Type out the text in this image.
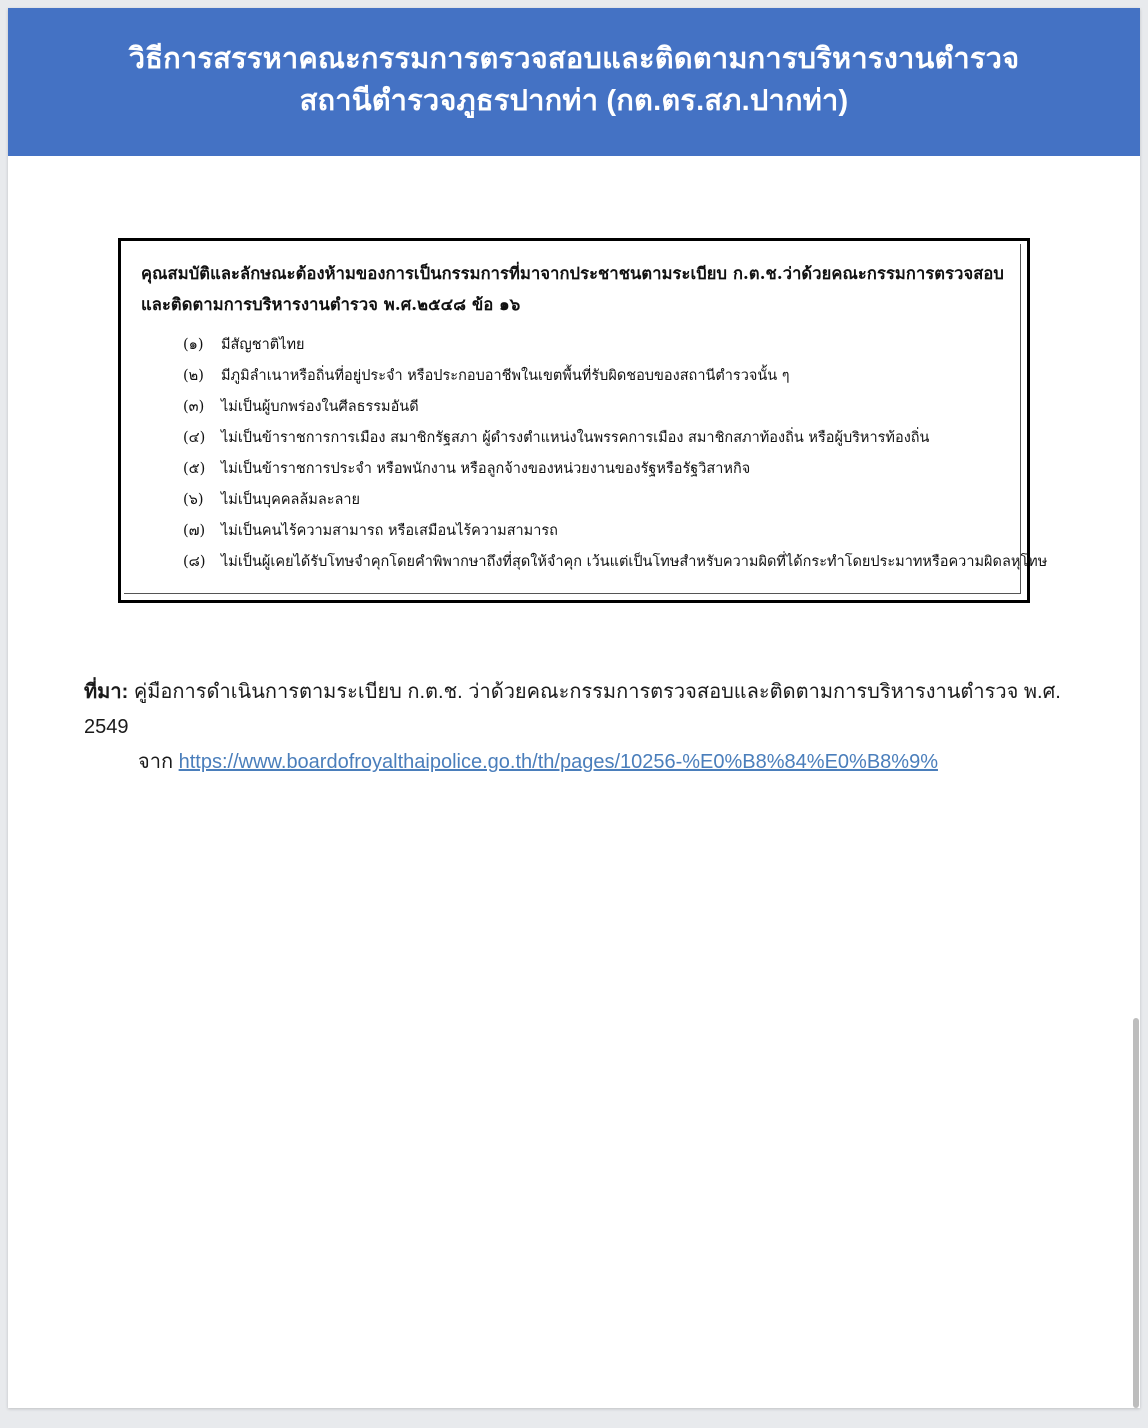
วิธีการสรรหาคณะกรรมการตรวจสอบและติดตามการบริหารงานตำรวจ
สถานีตำรวจภูธรปากท่า (กต.ตร.สภ.ปากท่า)
คุณสมบัติและลักษณะต้องห้ามของการเป็นกรรมการที่มาจากประชาชนตามระเบียบ ก.ต.ช.ว่าด้วยคณะกรรมการตรวจสอบ
และติดตามการบริหารงานตำรวจ พ.ศ.๒๕๔๘ ข้อ ๑๖
(๑)	มีสัญชาติไทย
(๒)	มีภูมิลำเนาหรือถิ่นที่อยู่ประจำ หรือประกอบอาชีพในเขตพื้นที่รับผิดชอบของสถานีตำรวจนั้น ๆ
(๓)	ไม่เป็นผู้บกพร่องในศีลธรรมอันดี
(๔)	ไม่เป็นข้าราชการการเมือง สมาชิกรัฐสภา ผู้ดำรงตำแหน่งในพรรคการเมือง สมาชิกสภาท้องถิ่น หรือผู้บริหารท้องถิ่น
(๕)	ไม่เป็นข้าราชการประจำ หรือพนักงาน หรือลูกจ้างของหน่วยงานของรัฐหรือรัฐวิสาหกิจ
(๖)	ไม่เป็นบุคคลล้มละลาย
(๗)	ไม่เป็นคนไร้ความสามารถ หรือเสมือนไร้ความสามารถ
(๘)	ไม่เป็นผู้เคยได้รับโทษจำคุกโดยคำพิพากษาถึงที่สุดให้จำคุก เว้นแต่เป็นโทษสำหรับความผิดที่ได้กระทำโดยประมาทหรือความผิดลหุโทษ
ที่มา: คู่มือการดำเนินการตามระเบียบ ก.ต.ช. ว่าด้วยคณะกรรมการตรวจสอบและติดตามการบริหารงานตำรวจ พ.ศ. 2549
จาก https://www.boardofroyalthaipolice.go.th/th/pages/10256-%E0%B8%84%E0%B8%9%
